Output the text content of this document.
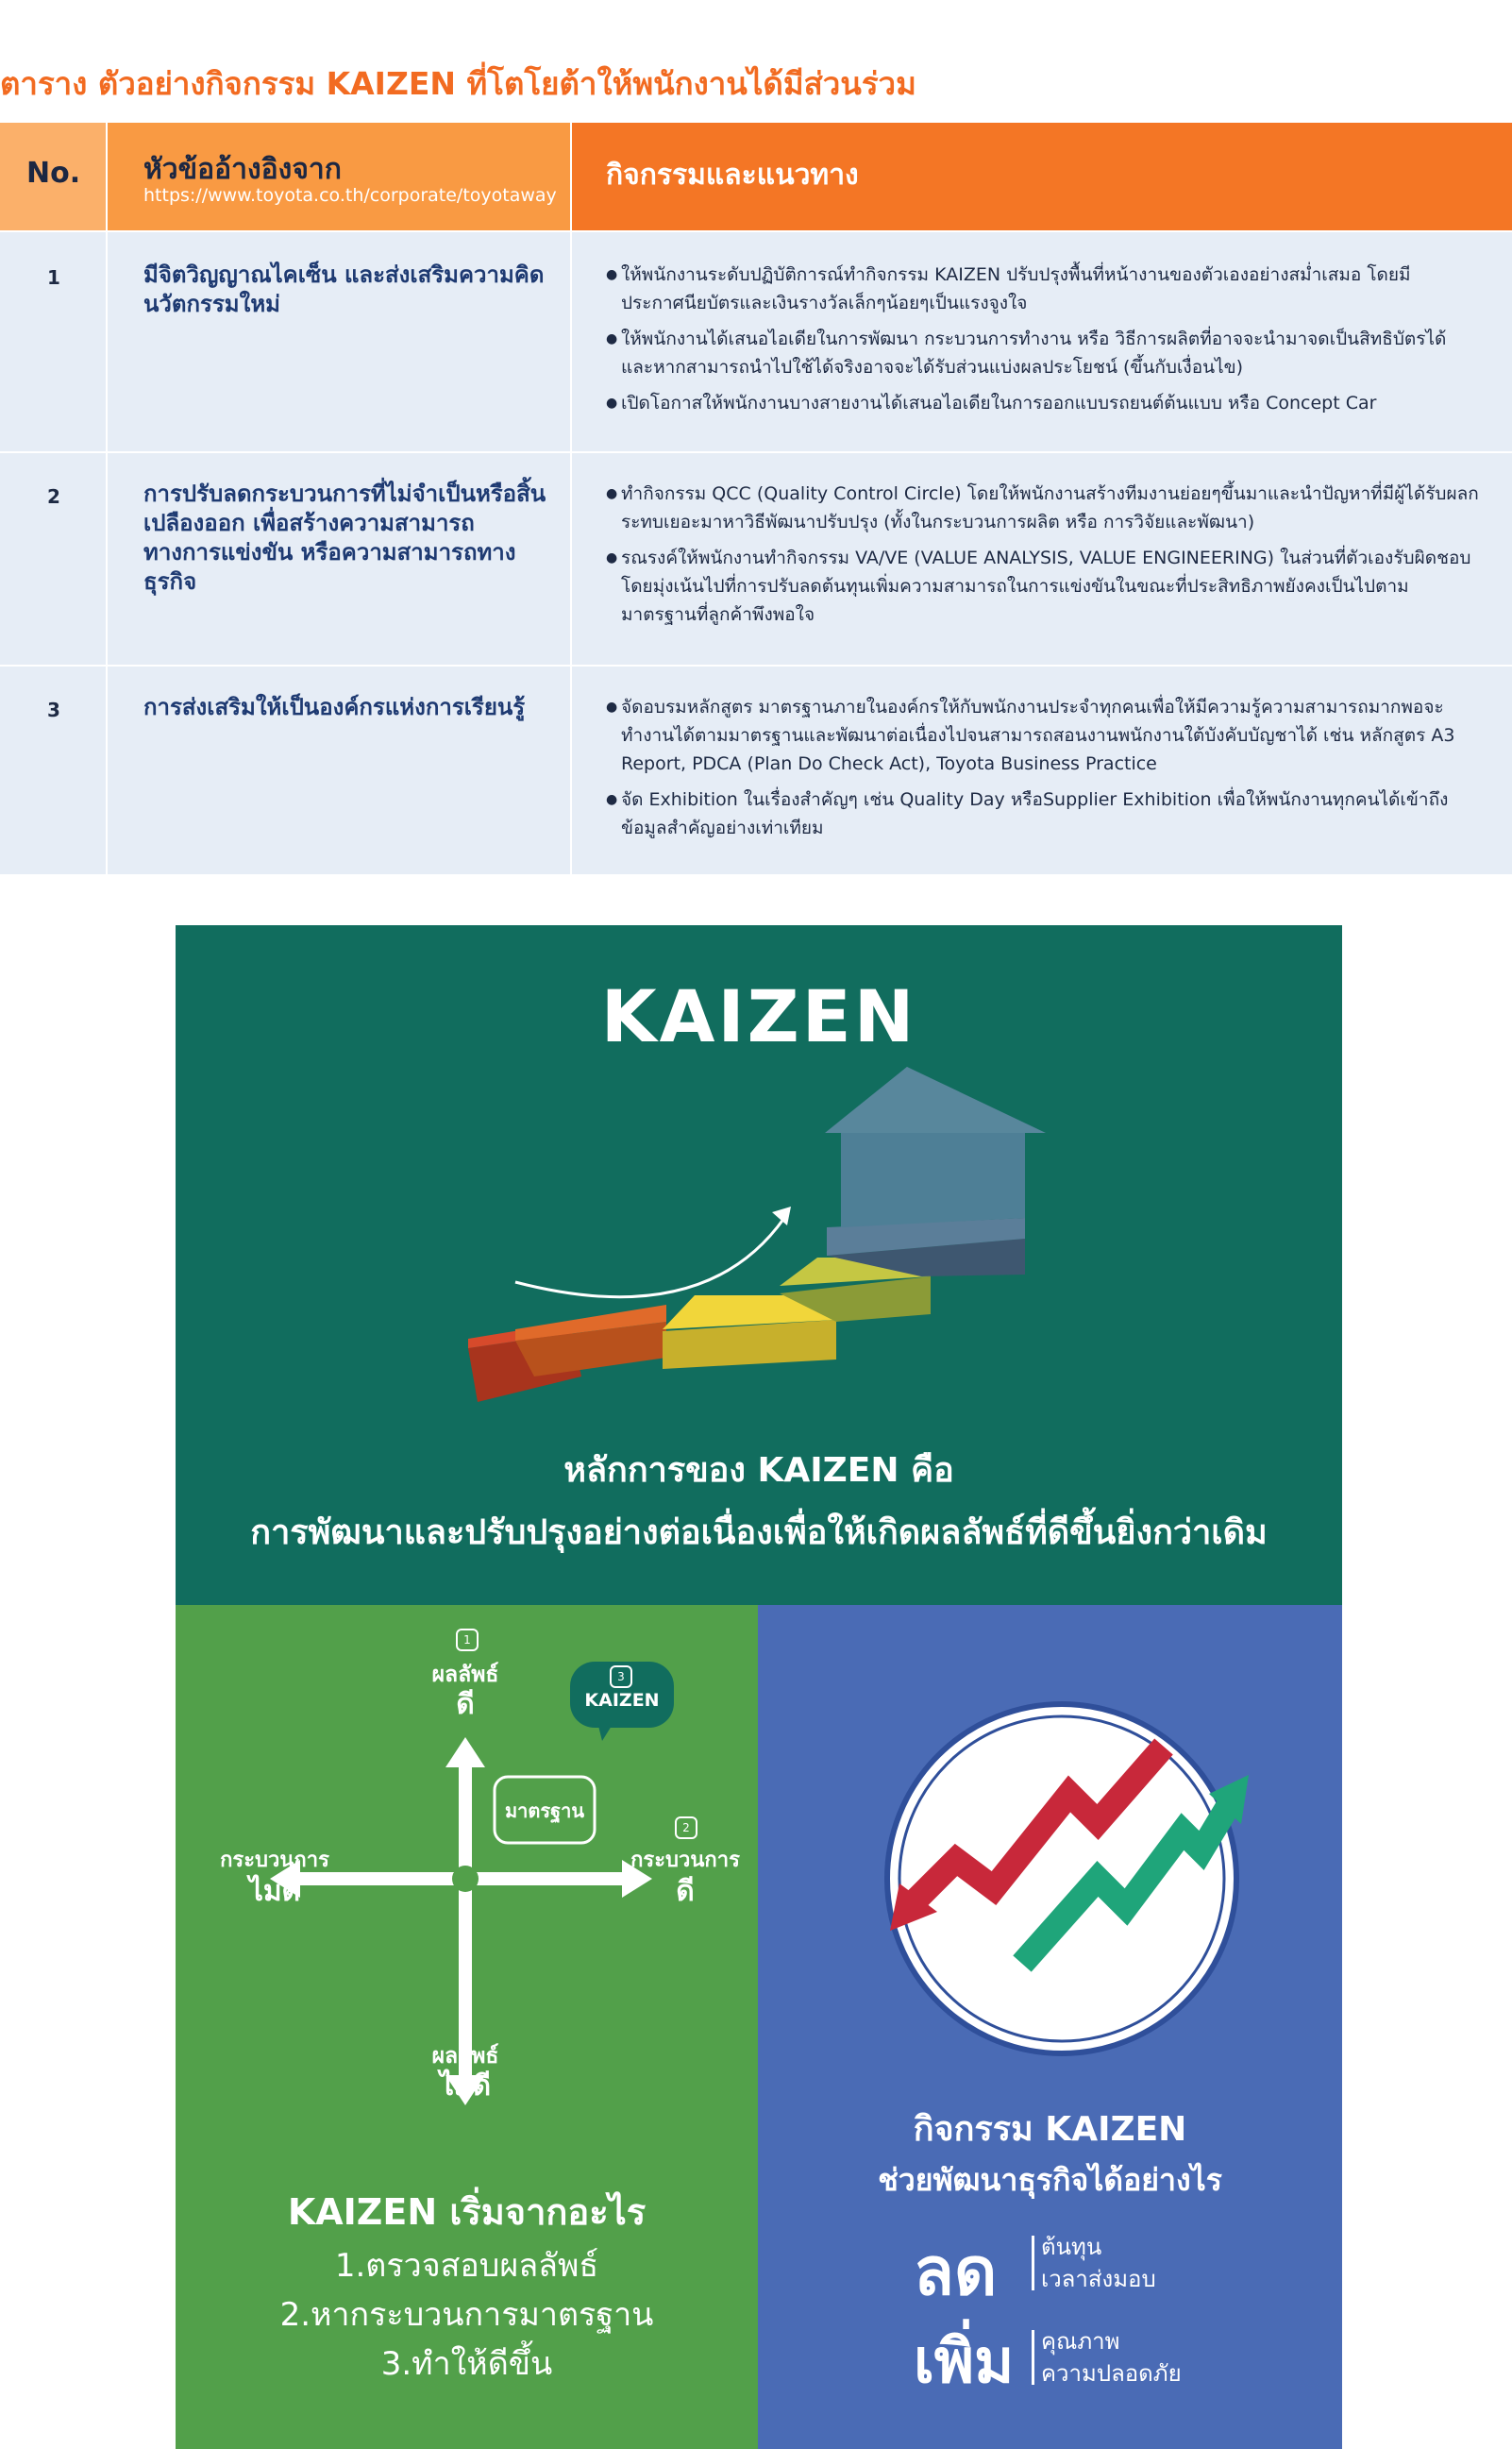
ตาราง ตัวอย่างกิจกรรม KAIZEN ที่โตโยต้าให้พนักงานได้มีส่วนร่วม
No. หัวข้ออ้างอิงจาก
https://www.toyota.co.th/corporate/toyotaway
กิจกรรมและแนวทาง
1	มีจิตวิญญาณไคเซ็น และส่งเสริมความคิดนวัตกรรมใหม่
● ให้พนักงานระดับปฏิบัติการณ์ทำกิจกรรม KAIZEN ปรับปรุงพื้นที่หน้างานของตัวเองอย่างสม่ำเสมอ โดยมีประกาศนียบัตรและเงินรางวัลเล็กๆน้อยๆเป็นแรงจูงใจ
● ให้พนักงานได้เสนอไอเดียในการพัฒนา กระบวนการทำงาน หรือ วิธีการผลิตที่อาจจะนำมาจดเป็นสิทธิบัตรได้ และหากสามารถนำไปใช้ได้จริงอาจจะได้รับส่วนแบ่งผลประโยชน์ (ขึ้นกับเงื่อนไข)
● เปิดโอกาสให้พนักงานบางสายงานได้เสนอไอเดียในการออกแบบรถยนต์ต้นแบบ หรือ Concept Car
2	การปรับลดกระบวนการที่ไม่จำเป็นหรือสิ้นเปลืองออก เพื่อสร้างความสามารถทางการแข่งขัน หรือความสามารถทางธุรกิจ
● ทำกิจกรรม QCC (Quality Control Circle) โดยให้พนักงานสร้างทีมงานย่อยๆขึ้นมาและนำปัญหาที่มีผู้ได้รับผลกระทบเยอะมาหาวิธีพัฒนาปรับปรุง (ทั้งในกระบวนการผลิต หรือ การวิจัยและพัฒนา)
● รณรงค์ให้พนักงานทำกิจกรรม VA/VE (VALUE ANALYSIS, VALUE ENGINEERING) ในส่วนที่ตัวเองรับผิดชอบ โดยมุ่งเน้นไปที่การปรับลดต้นทุนเพิ่มความสามารถในการแข่งขันในขณะที่ประสิทธิภาพยังคงเป็นไปตามมาตรฐานที่ลูกค้าพึงพอใจ
3	การส่งเสริมให้เป็นองค์กรแห่งการเรียนรู้
●	จัดอบรมหลักสูตร มาตรฐานภายในองค์กรให้กับพนักงานประจำทุกคนเพื่อให้มีความรู้ความสามารถมากพอจะทำงานได้ตามมาตรฐานและพัฒนาต่อเนื่องไปจนสามารถสอนงานพนักงานใต้บังคับบัญชาได้ เช่น หลักสูตร A3 Report, PDCA (Plan Do Check Act), Toyota Business Practice
● จัด Exhibition ในเรื่องสำคัญๆ เช่น Quality Day หรือSupplier Exhibition เพื่อให้พนักงานทุกคนได้เข้าถึงข้อมูลสำคัญอย่างเท่าเทียม
KAIZEN
หลักการของ KAIZEN คือ
การพัฒนาและปรับปรุงอย่างต่อเนื่องเพื่อให้เกิดผลลัพธ์ที่ดีขึ้นยิ่งกว่าเดิม
1
ผลลัพธ์
ดี
3
KAIZEN
มาตรฐาน
2
กระบวนการ
ดี
กระบวนการ
ไม่ดี
ผลลัพธ์
ไม่ดี
KAIZEN เริ่มจากอะไร
1.ตรวจสอบผลลัพธ์
2.หากระบวนการมาตรฐาน
3.ทำให้ดีขึ้น
กิจกรรม KAIZEN
ช่วยพัฒนาธุรกิจได้อย่างไร
ลด ต้นทุน
เวลาส่งมอบ
เพิ่ม คุณภาพ
ความปลอดภัย
